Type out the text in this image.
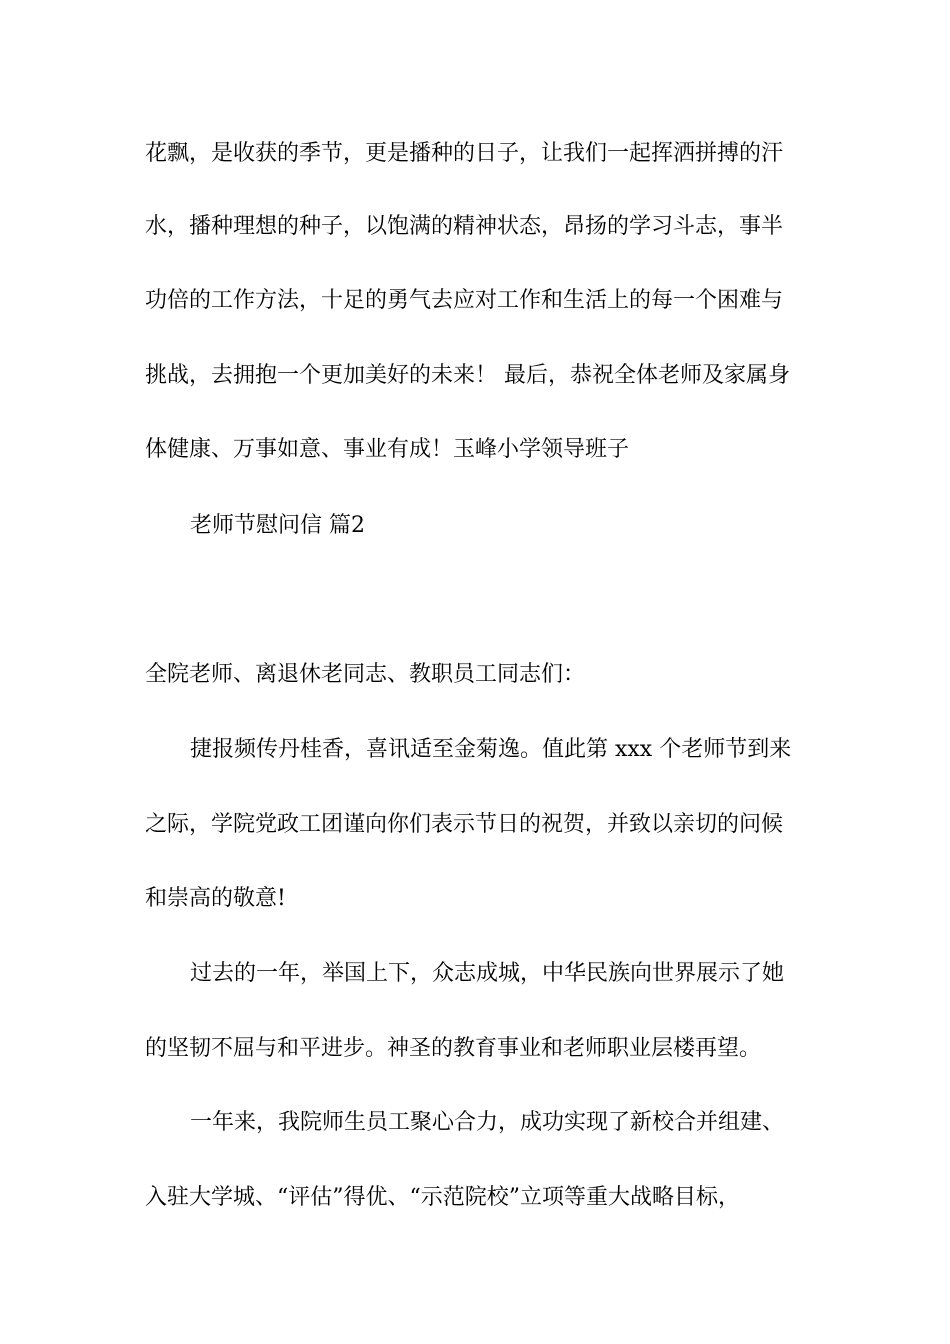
花飘，是收获的季节，更是播种的日子，让我们一起挥洒拼搏的汗
水，播种理想的种子，以饱满的精神状态，昂扬的学习斗志，事半
功倍的工作方法，十足的勇气去应对工作和生活上的每一个困难与
挑战，去拥抱一个更加美好的未来！ 最后，恭祝全体老师及家属身
体健康、万事如意、事业有成！玉峰小学领导班子
老师节慰问信 篇2
全院老师、离退休老同志、教职员工同志们：
捷报频传丹桂香，喜讯适至金菊逸。值此第 xxx 个老师节到来
之际，学院党政工团谨向你们表示节日的祝贺，并致以亲切的问候
和崇高的敬意!
过去的一年，举国上下，众志成城，中华民族向世界展示了她
的坚韧不屈与和平进步。神圣的教育事业和老师职业层楼再望。
一年来，我院师生员工聚心合力，成功实现了新校合并组建、
入驻大学城、“评估”得优、“示范院校”立项等重大战略目标，
